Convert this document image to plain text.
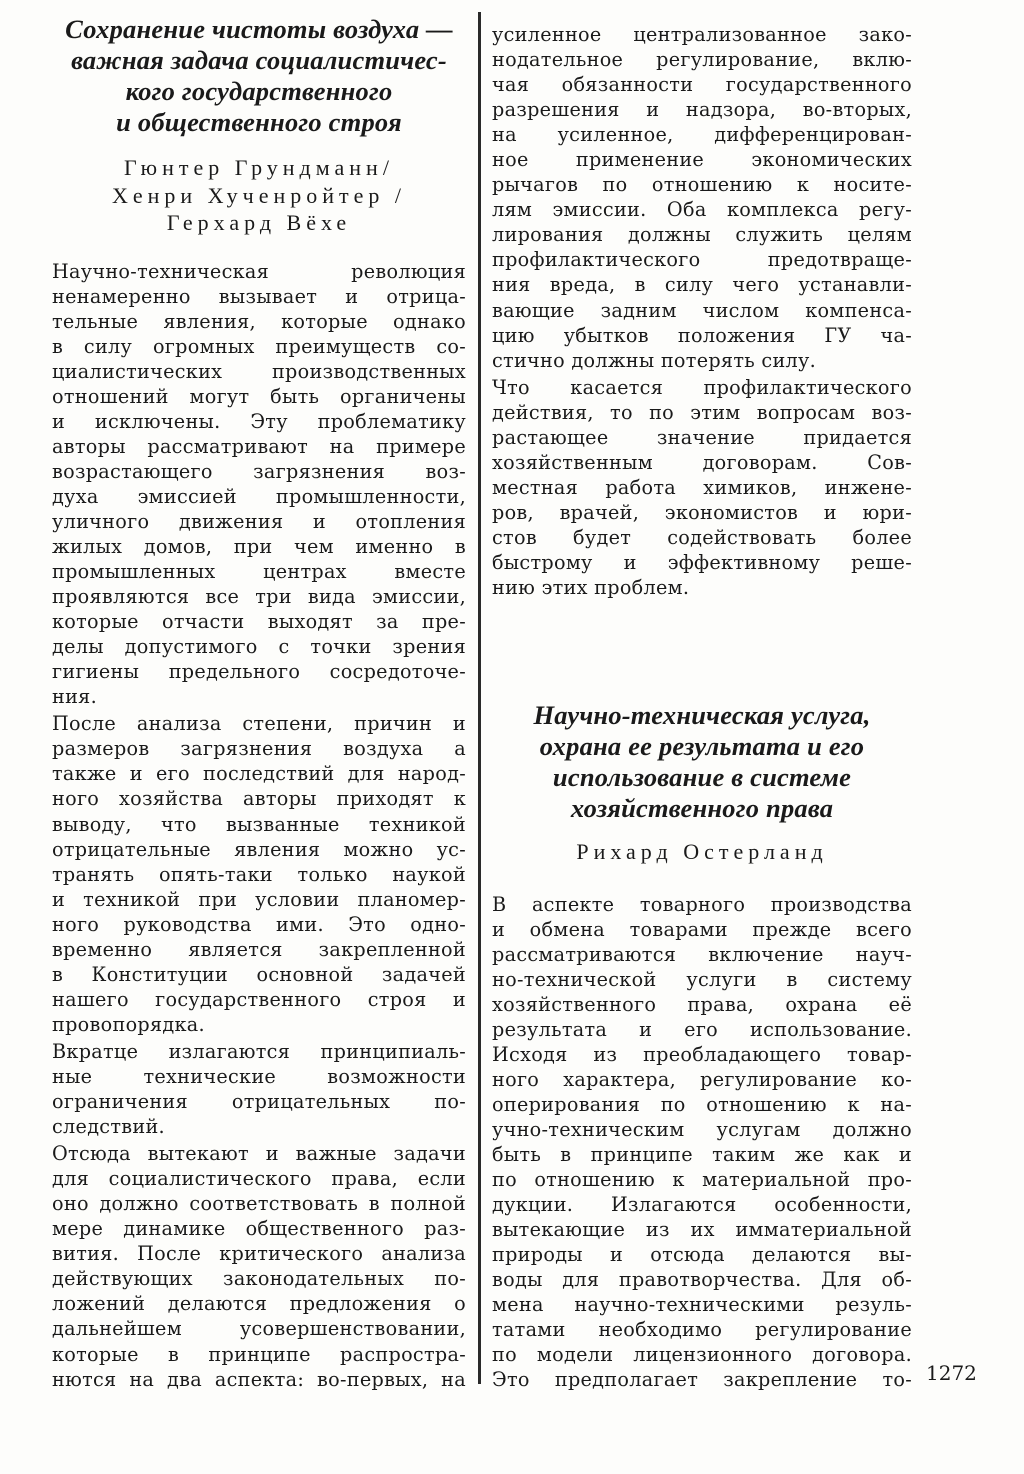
Сохранение чистоты воздуха —
важная задача социалистичес-
кого государственного
и общественного строя
Гюнтер Грундманн/
Хенри Хученройтер /
Герхард Вёхе

Научно-техническая революция
ненамеренно вызывает и отрица-
тельные явления, которые однако
в силу огромных преимуществ со-
циалистических производственных
отношений могут быть органичены
и исключены. Эту проблематику
авторы рассматривают на примере
возрастающего загрязнения воз-
духа эмиссией промышленности,
уличного движения и отопления
жилых домов, при чем именно в
промышленных центрах вместе
проявляются все три вида эмиссии,
которые отчасти выходят за пре-
делы допустимого с точки зрения
гигиены предельного сосредоточе-
ния.

После анализа степени, причин и
размеров загрязнения воздуха а
также и его последствий для народ-
ного хозяйства авторы приходят к
выводу, что вызванные техникой
отрицательные явления можно ус-
транять опять-таки только наукой
и техникой при условии планомер-
ного руководства ими. Это одно-
временно является закрепленной
в Конституции основной задачей
нашего государственного строя и
провопорядка.

Вкратце излагаются принципиаль-
ные технические возможности
ограничения отрицательных по-
следствий.

Отсюда вытекают и важные задачи
для социалистического права, если
оно должно соответствовать в полной
мере динамике общественного раз-
вития. После критического анализа
действующих законодательных по-
ложений делаются предложения о
дальнейшем усовершенствовании,
которые в принципе распростра-
нются на два аспекта: во-первых, на

усиленное централизованное зако-
нодательное регулирование, вклю-
чая обязанности государственного
разрешения и надзора, во-вторых,
на усиленное, дифференцирован-
ное применение экономических
рычагов по отношению к носите-
лям эмиссии. Оба комплекса регу-
лирования должны служить целям
профилактического предотвраще-
ния вреда, в силу чего устанавли-
вающие задним числом компенса-
цию убытков положения ГУ ча-
стично должны потерять силу.

Что касается профилактического
действия, то по этим вопросам воз-
растающее значение придается
хозяйственным договорам. Сов-
местная работа химиков, инжене-
ров, врачей, экономистов и юри-
стов будет содействовать более
быстрому и эффективному реше-
нию этих проблем.

Научно-техническая услуга,
охрана ее результата и его
использование в системе
хозяйственного права
Рихард Остерланд

В аспекте товарного производства
и обмена товарами прежде всего
рассматриваются включение науч-
но-технической услуги в систему
хозяйственного права, охрана её
результата и его использование.
Исходя из преобладающего товар-
ного характера, регулирование ко-
оперирования по отношению к на-
учно-техническим услугам должно
быть в принципе таким же как и
по отношению к материальной про-
дукции. Излагаются особенности,
вытекающие из их имматериальной
природы и отсюда делаются вы-
воды для правотворчества. Для об-
мена научно-техническими резуль-
татами необходимо регулирование
по модели лицензионного договора.
Это предполагает закрепление то- 1272
